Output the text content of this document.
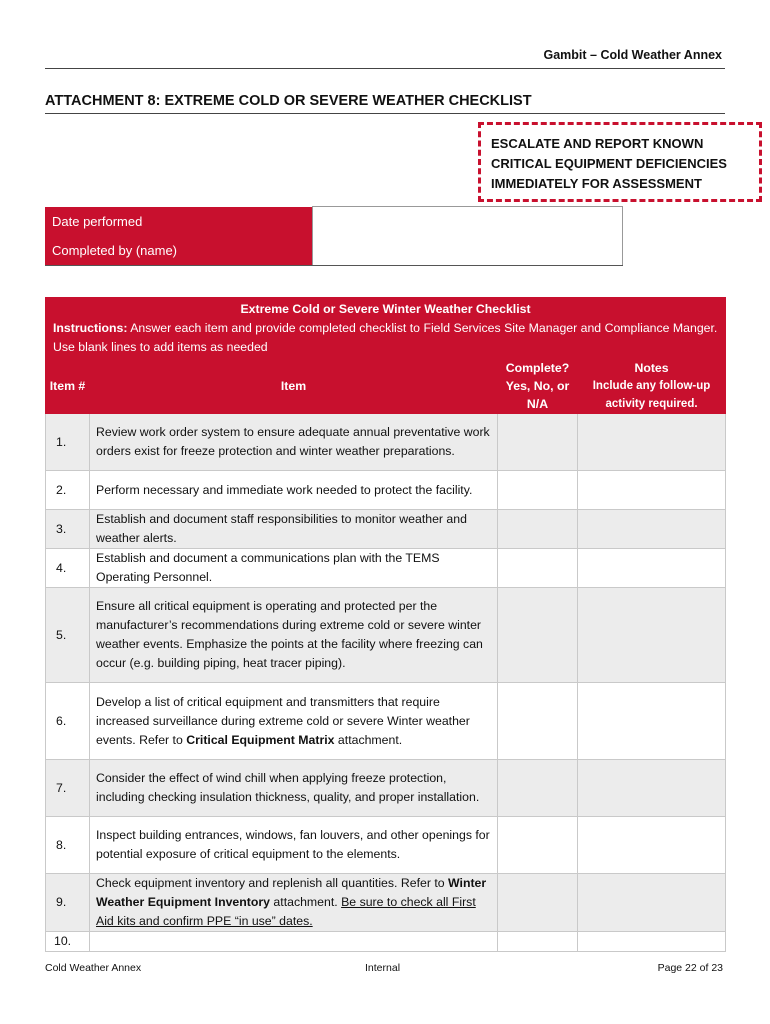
Gambit – Cold Weather Annex
ATTACHMENT 8: EXTREME COLD OR SEVERE WEATHER CHECKLIST
ESCALATE AND REPORT KNOWN
CRITICAL EQUIPMENT DEFICIENCIES
IMMEDIATELY FOR ASSESSMENT
Date performed	
Completed by (name)	
Extreme Cold or Severe Winter Weather Checklist
Instructions: Answer each item and provide completed checklist to Field Services Site Manager and Compliance Manger. Use blank lines to add items as needed			

Item #	Item	Complete? Yes, No, or N/A	Notes
Include any follow-up activity required.

1.	Review work order system to ensure adequate annual preventative work orders exist for freeze protection and winter weather preparations.		
2.	Perform necessary and immediate work needed to protect the facility.		
3.	Establish and document staff responsibilities to monitor weather and weather alerts.		
4.	Establish and document a communications plan with the TEMS Operating Personnel.		
5.	Ensure all critical equipment is operating and protected per the manufacturer’s recommendations during extreme cold or severe winter weather events. Emphasize the points at the facility where freezing can occur (e.g. building piping, heat tracer piping).		
6.	Develop a list of critical equipment and transmitters that require increased surveillance during extreme cold or severe Winter weather events. Refer to Critical Equipment Matrix attachment.		
7.	Consider the effect of wind chill when applying freeze protection, including checking insulation thickness, quality, and proper installation.		
8.	Inspect building entrances, windows, fan louvers, and other openings for potential exposure of critical equipment to the elements.		
9.	Check equipment inventory and replenish all quantities. Refer to Winter Weather Equipment Inventory attachment. Be sure to check all First Aid kits and confirm PPE “in use” dates.		
10.			
Cold Weather Annex	Internal	Page 22 of 23
